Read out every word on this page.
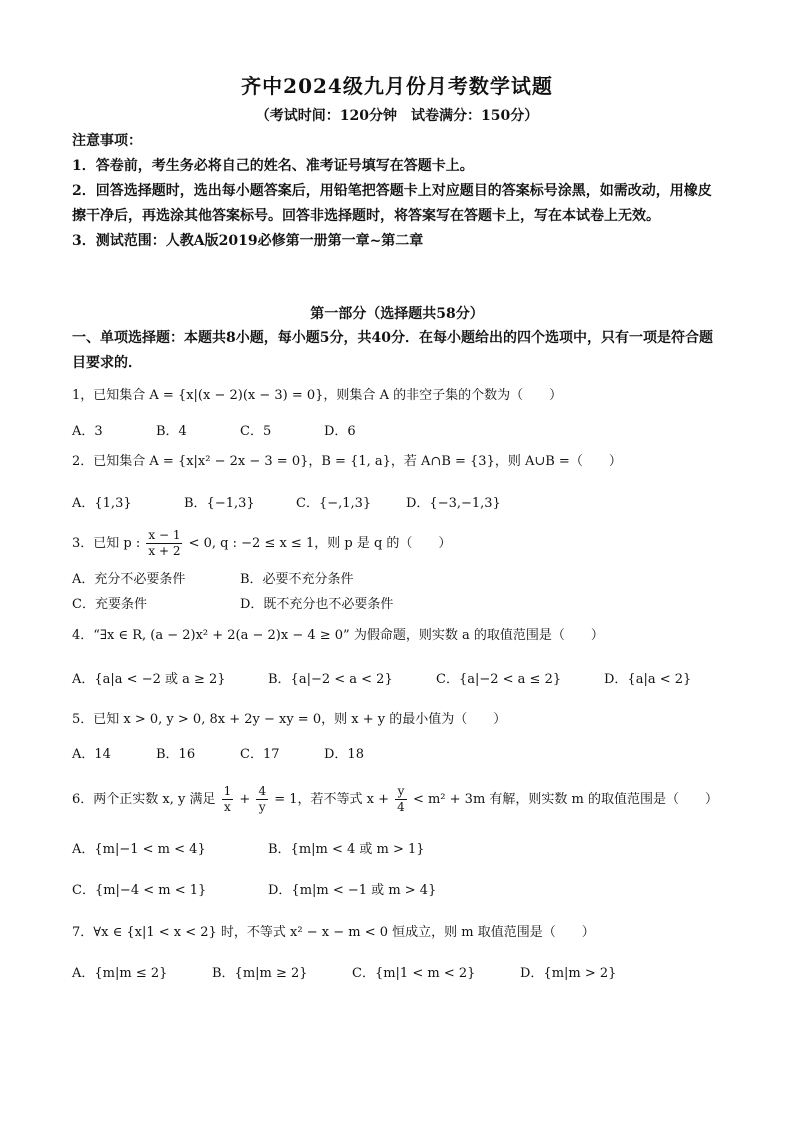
齐中2024级九月份月考数学试题
（考试时间：120分钟　试卷满分：150分）
注意事项：
1．答卷前，考生务必将自己的姓名、准考证号填写在答题卡上。
2．回答选择题时，选出每小题答案后，用铅笔把答题卡上对应题目的答案标号涂黑，如需改动，用橡皮擦干净后，再选涂其他答案标号。回答非选择题时，将答案写在答题卡上，写在本试卷上无效。
3．测试范围：人教A版2019必修第一册第一章~第二章
第一部分（选择题共58分）
一、单项选择题：本题共8小题，每小题5分，共40分．在每小题给出的四个选项中，只有一项是符合题目要求的．
1，已知集合 A = {x|(x − 2)(x − 3) = 0}，则集合 A 的非空子集的个数为（　　）
A．3	B．4	C．5	D．6
2．已知集合 A = {x|x² − 2x − 3 = 0}，B = {1, a}，若 A∩B = {3}，则 A∪B =（　　）
A．{1,3}	B．{−1,3}	C．{−,1,3}	D．{−3,−1,3}
3．已知 p : $\frac{x - 1}{x + 2} < 0$, q : −2 ≤ x ≤ 1，则 p 是 q 的（　　）
A．充分不必要条件	B．必要不充分条件
C．充要条件	D．既不充分也不必要条件
4．“∃x ∈ R, (a − 2)x² + 2(a − 2)x − 4 ≥ 0” 为假命题，则实数 a 的取值范围是（　　）
A．{a|a < −2 或 a ≥ 2}	B．{a|−2 < a < 2}	C．{a|−2 < a ≤ 2}	D．{a|a < 2}
5．已知 x > 0, y > 0, 8x + 2y − xy = 0，则 x + y 的最小值为（　　）
A．14	B．16	C．17	D．18
6．两个正实数 x, y 满足 $\frac{1}{x} + \frac{4}{y} = 1$，若不等式 $x + \frac{y}{4} < m^2 + 3m$ 有解，则实数 m 的取值范围是（　　）
A．{m|−1 < m < 4}	B．{m|m < 4 或 m > 1}
C．{m|−4 < m < 1}	D．{m|m < −1 或 m > 4}
7．∀x ∈ {x|1 < x < 2} 时，不等式 x² − x − m < 0 恒成立，则 m 取值范围是（　　）
A．{m|m ≤ 2}	B．{m|m ≥ 2}	C．{m|1 < m < 2}	D．{m|m > 2}
